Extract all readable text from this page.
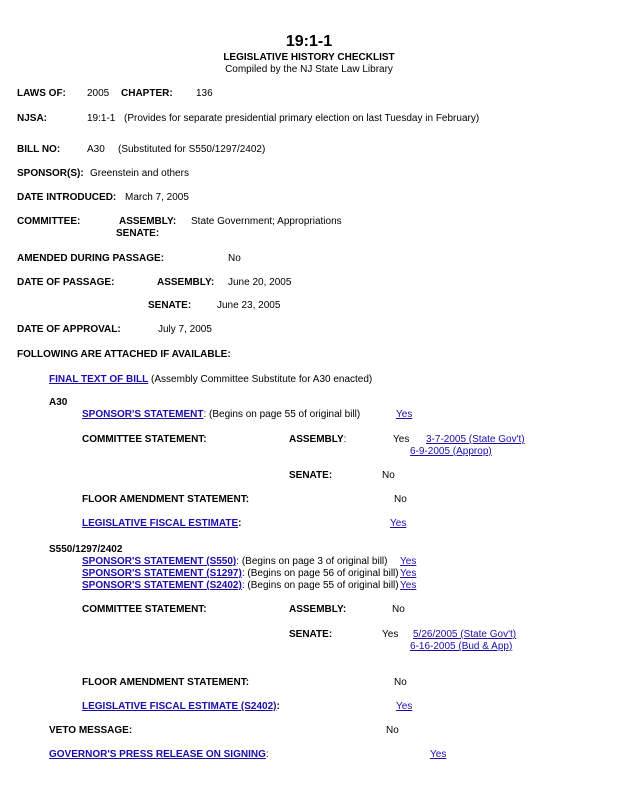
19:1-1
LEGISLATIVE HISTORY CHECKLIST
Compiled by the NJ State Law Library
LAWS OF: 2005 CHAPTER: 136
NJSA:	19:1-1 (Provides for separate presidential primary election on last Tuesday in February)
BILL NO:	A30 (Substituted for S550/1297/2402)
SPONSOR(S): Greenstein and others
DATE INTRODUCED: March 7, 2005
COMMITTEE:	ASSEMBLY: State Government; Appropriations
SENATE:
AMENDED DURING PASSAGE:	No
DATE OF PASSAGE:	ASSEMBLY: June 20, 2005
SENATE:	June 23, 2005
DATE OF APPROVAL:	July 7, 2005
FOLLOWING ARE ATTACHED IF AVAILABLE:
FINAL TEXT OF BILL (Assembly Committee Substitute for A30 enacted)
A30
SPONSOR'S STATEMENT: (Begins on page 55 of original bill)	Yes
COMMITTEE STATEMENT:	ASSEMBLY:	Yes 3-7-2005 (State Gov't)
6-9-2005 (Approp)
SENATE:	No
FLOOR AMENDMENT STATEMENT:	No
LEGISLATIVE FISCAL ESTIMATE:	Yes
S550/1297/2402
SPONSOR'S STATEMENT (S550): (Begins on page 3 of original bill) Yes
SPONSOR'S STATEMENT (S1297): (Begins on page 56 of original bill) Yes
SPONSOR'S STATEMENT (S2402): (Begins on page 55 of original bill) Yes
COMMITTEE STATEMENT:	ASSEMBLY:	No
SENATE:	Yes 5/26/2005 (State Gov't)
6-16-2005 (Bud & App)
FLOOR AMENDMENT STATEMENT:	No
LEGISLATIVE FISCAL ESTIMATE (S2402):	Yes
VETO MESSAGE:	No
GOVERNOR'S PRESS RELEASE ON SIGNING:	Yes
